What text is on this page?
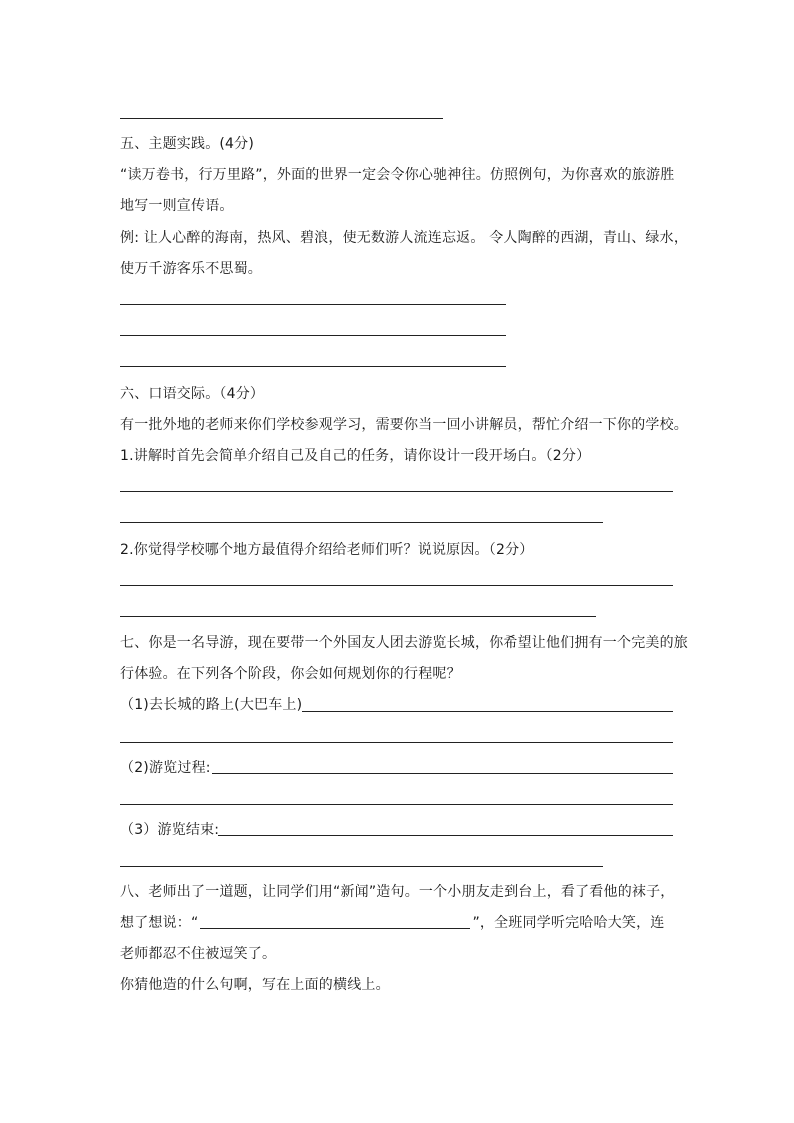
五、主题实践。(4分)
“读万卷书，行万里路”，外面的世界一定会令你心驰神往。仿照例句，为你喜欢的旅游胜
地写一则宣传语。
例: 让人心醉的海南，热风、碧浪，使无数游人流连忘返。 令人陶醉的西湖，青山、绿水，
使万千游客乐不思蜀。
六、口语交际。（4分）
有一批外地的老师来你们学校参观学习，需要你当一回小讲解员，帮忙介绍一下你的学校。
1.讲解时首先会简单介绍自己及自己的任务，请你设计一段开场白。（2分）
2.你觉得学校哪个地方最值得介绍给老师们听？说说原因。（2分）
七、你是一名导游，现在要带一个外国友人团去游览长城，你希望让他们拥有一个完美的旅
行体验。在下列各个阶段，你会如何规划你的行程呢？
（1)去长城的路上(大巴车上)
（2)游览过程:
（3）游览结束:
八、老师出了一道题，让同学们用“新闻”造句。一个小朋友走到台上，看了看他的袜子，
想了想说：“	”，全班同学听完哈哈大笑，连
老师都忍不住被逗笑了。
你猜他造的什么句啊，写在上面的横线上。
